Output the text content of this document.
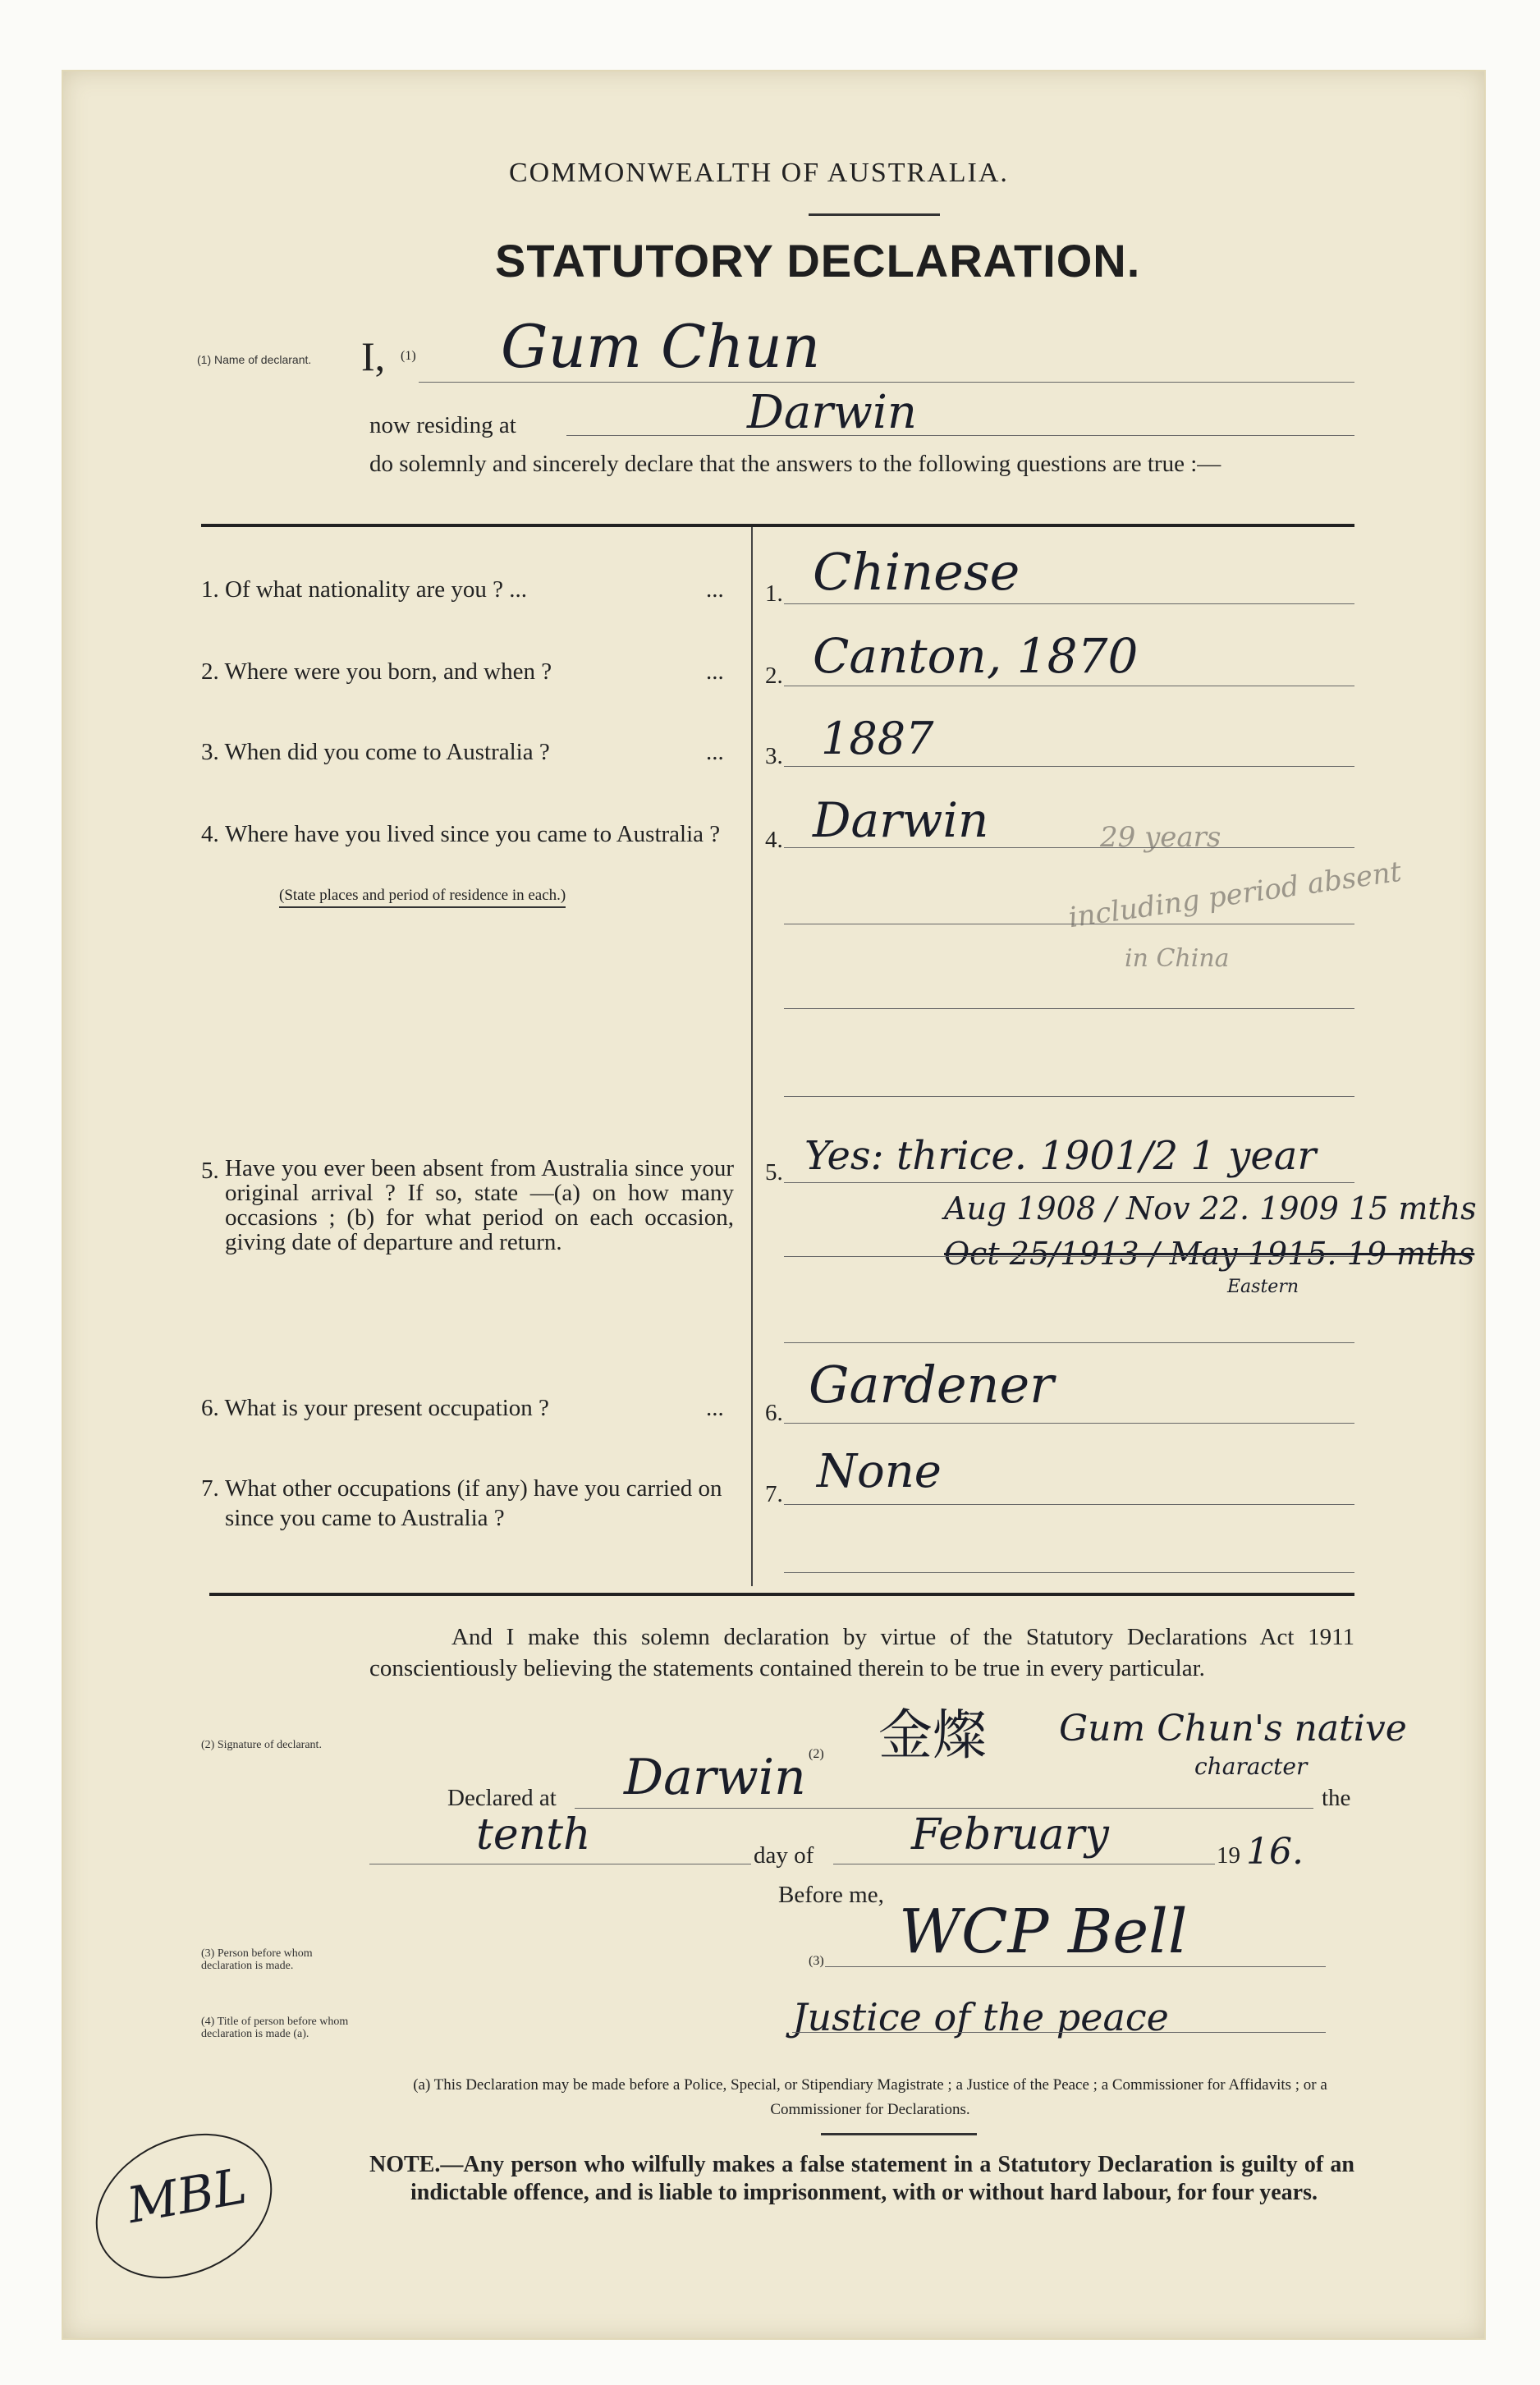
COMMONWEALTH OF AUSTRALIA.
STATUTORY DECLARATION.
(1) Name of declarant. I, (1) Gum Chun
now residing at	Darwin
do solemnly and sincerely declare that the answers to the following questions are true :—
1. Of what nationality are you ? ...	... 1. Chinese
2. Where were you born, and when ?	... 2. Canton, 1870
3. When did you come to Australia ?	... 3. 1887
4. Where have you lived since you came to Australia ?
(State places and period of residence in each.)
4. Darwin	29 years
including period absent
in China
5. Have you ever been absent from Australia since your original arrival ? If so, state —(a) on how many occasions ; (b) for what period on each occasion, giving date of departure and return.
5. Yes: thrice. 1901/2 1 year
Aug 1908 / Nov 22. 1909 15 mths
Oct 25/1913 / May 1915. 19 mths
Eastern
6. What is your present occupation ?	... 6. Gardener
7. What other occupations (if any) have you carried on since you came to Australia ?
7. None
And I make this solemn declaration by virtue of the Statutory Declarations Act 1911 conscientiously believing the statements contained therein to be true in every particular.
(2) Signature of declarant.
(2) 金燦 Gum Chun's native
character
Declared at Darwin	the
tenth	day of February	19 16.
Before me,
(3) Person before whom declaration is made.	(3) WCP Bell
(4) Title of person before whom declaration is made (a).	Justice of the peace
(a) This Declaration may be made before a Police, Special, or Stipendiary Magistrate ; a Justice of the Peace ; a Commissioner for Affidavits ; or a Commissioner for Declarations.
NOTE.—Any person who wilfully makes a false statement in a Statutory Declaration is guilty of an indictable offence, and is liable to imprisonment, with or without hard labour, for four years.
MBL
